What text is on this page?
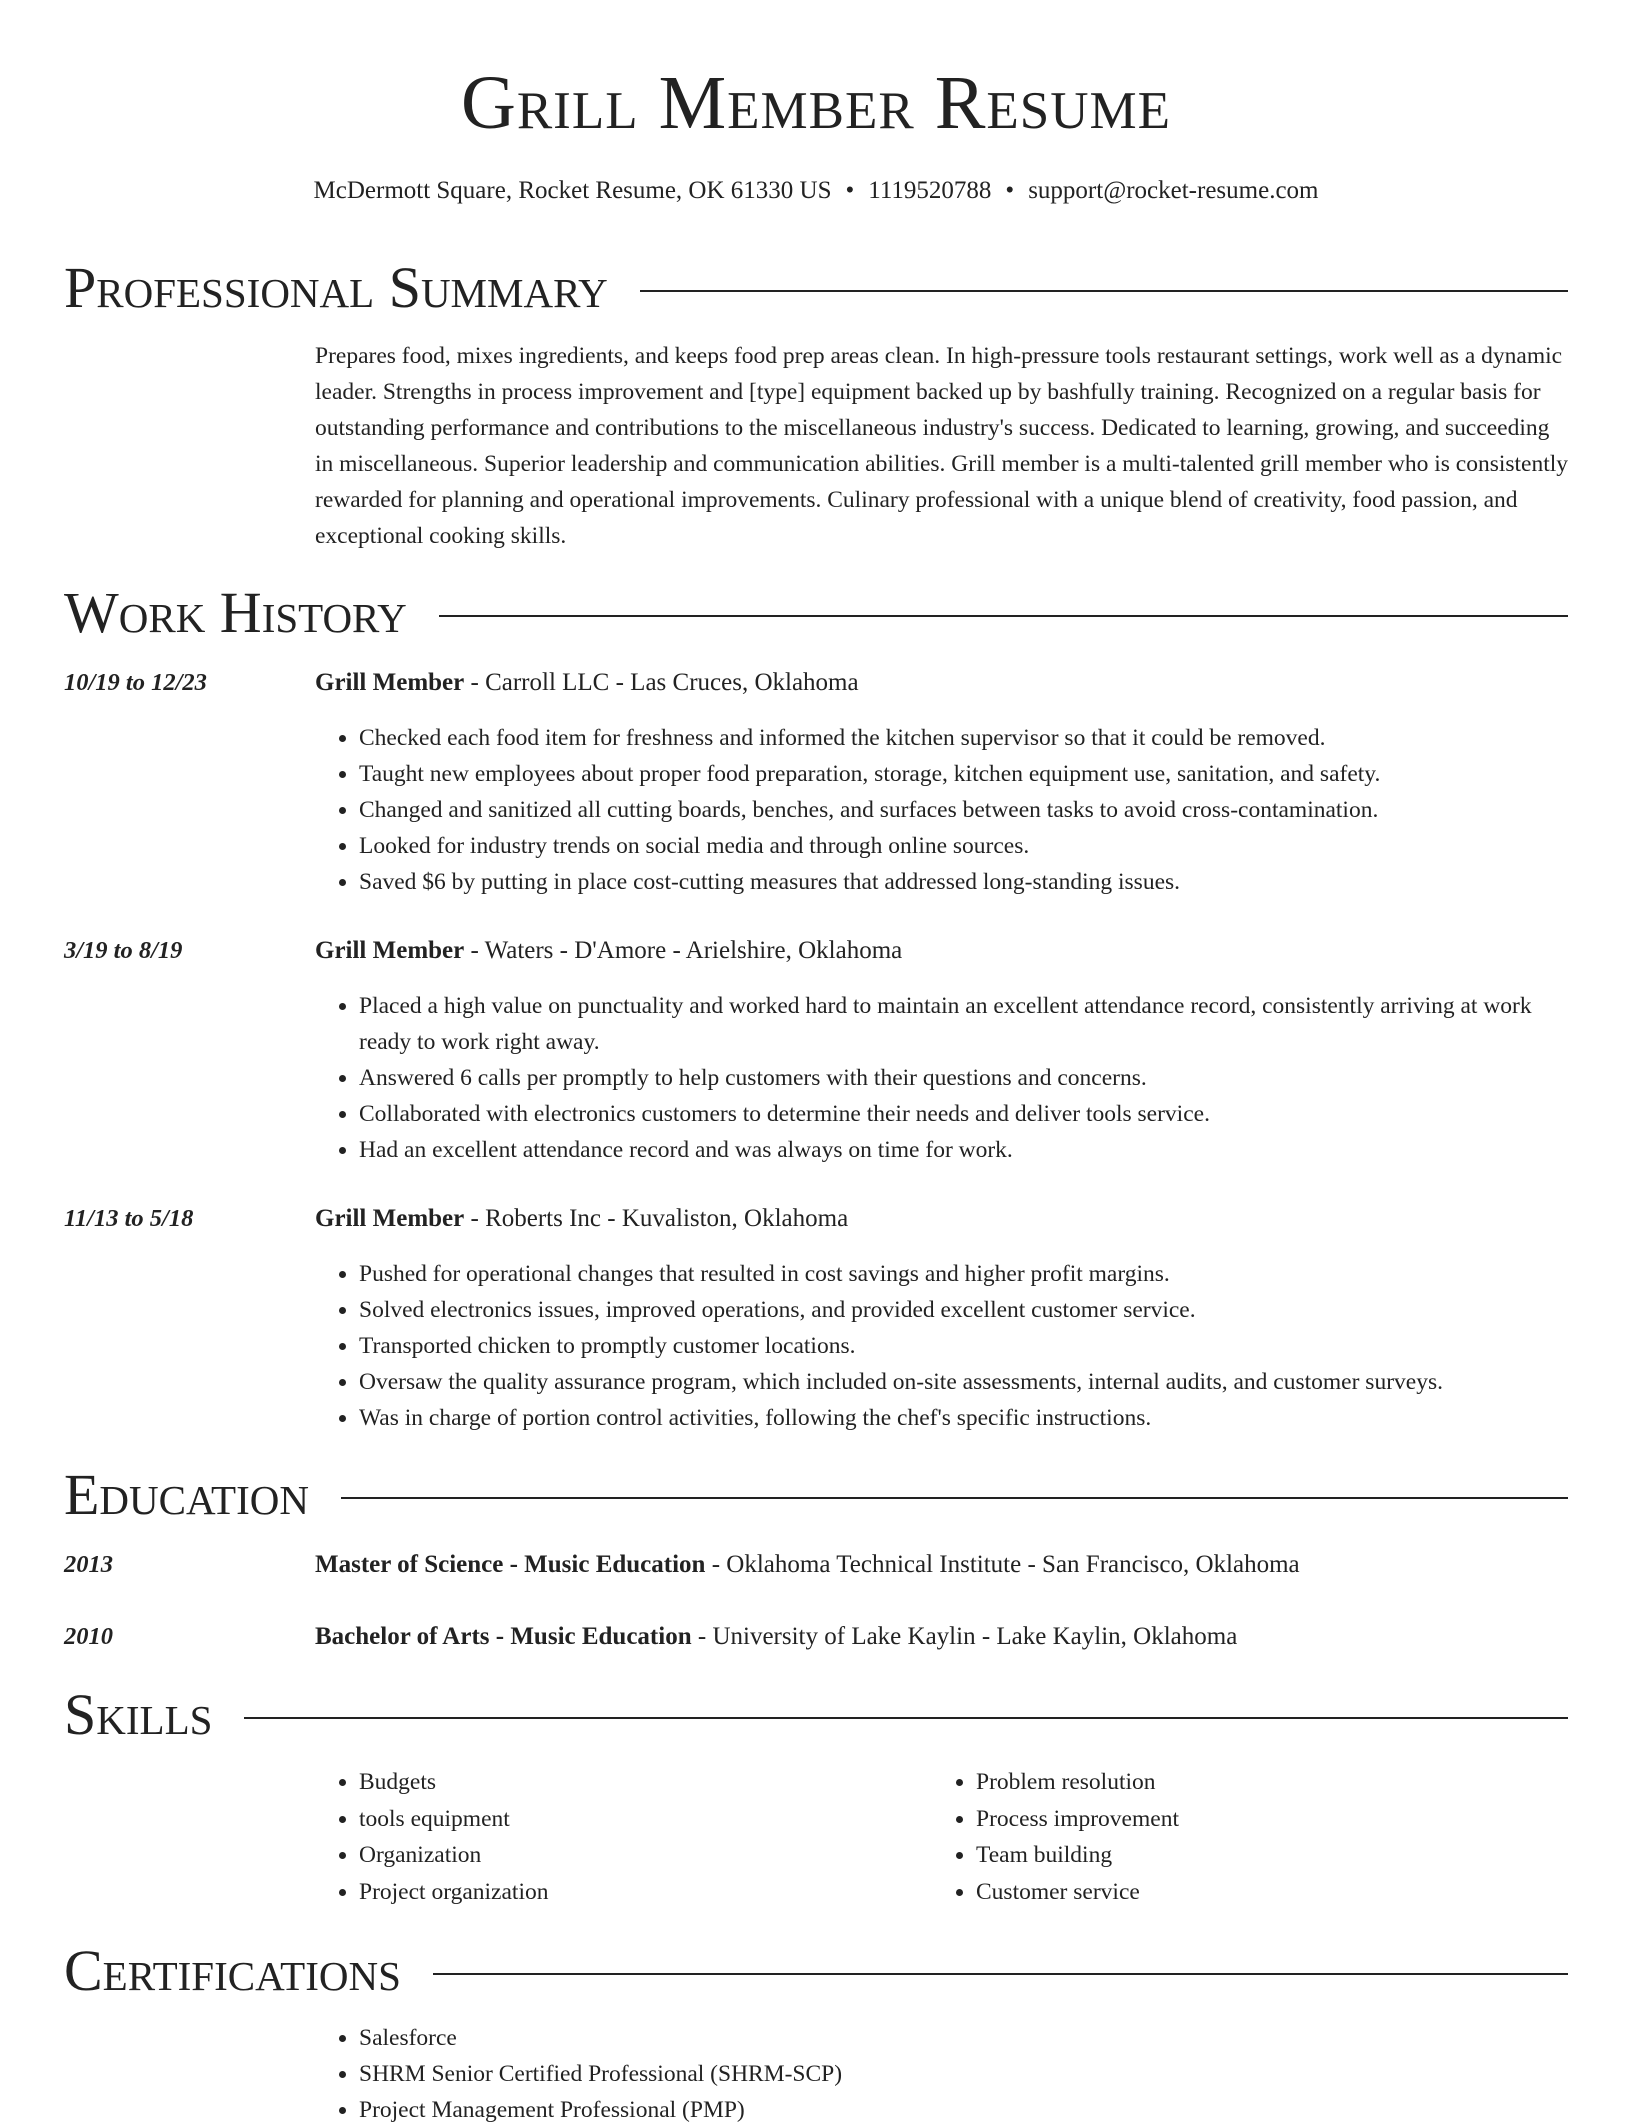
Grill Member Resume
McDermott Square, Rocket Resume, OK 61330 US • 1119520788 • support@rocket-resume.com
Professional Summary

Prepares food, mixes ingredients, and keeps food prep areas clean. In high-pressure tools restaurant settings, work well as a dynamic leader. Strengths in process improvement and [type] equipment backed up by bashfully training. Recognized on a regular basis for outstanding performance and contributions to the miscellaneous industry's success. Dedicated to learning, growing, and succeeding in miscellaneous. Superior leadership and communication abilities. Grill member is a multi-talented grill member who is consistently rewarded for planning and operational improvements. Culinary professional with a unique blend of creativity, food passion, and exceptional cooking skills.

Work History
10/19 to 12/23	Grill Member - Carroll LLC - Las Cruces, Oklahoma
• Checked each food item for freshness and informed the kitchen supervisor so that it could be removed.
• Taught new employees about proper food preparation, storage, kitchen equipment use, sanitation, and safety.
• Changed and sanitized all cutting boards, benches, and surfaces between tasks to avoid cross-contamination.
• Looked for industry trends on social media and through online sources.
• Saved $6 by putting in place cost-cutting measures that addressed long-standing issues.
3/19 to 8/19	Grill Member - Waters - D'Amore - Arielshire, Oklahoma
• Placed a high value on punctuality and worked hard to maintain an excellent attendance record, consistently arriving at work ready to work right away.
• Answered 6 calls per promptly to help customers with their questions and concerns.
• Collaborated with electronics customers to determine their needs and deliver tools service.
• Had an excellent attendance record and was always on time for work.
11/13 to 5/18	Grill Member - Roberts Inc - Kuvaliston, Oklahoma
• Pushed for operational changes that resulted in cost savings and higher profit margins.
• Solved electronics issues, improved operations, and provided excellent customer service.
• Transported chicken to promptly customer locations.
• Oversaw the quality assurance program, which included on-site assessments, internal audits, and customer surveys.
• Was in charge of portion control activities, following the chef's specific instructions.
Education
2013	Master of Science - Music Education - Oklahoma Technical Institute - San Francisco, Oklahoma
2010	Bachelor of Arts - Music Education - University of Lake Kaylin - Lake Kaylin, Oklahoma
Skills
• Budgets
• tools equipment
• Organization
• Project organization
• Problem resolution
• Process improvement
• Team building
• Customer service
Certifications
• Salesforce
• SHRM Senior Certified Professional (SHRM-SCP)
• Project Management Professional (PMP)
